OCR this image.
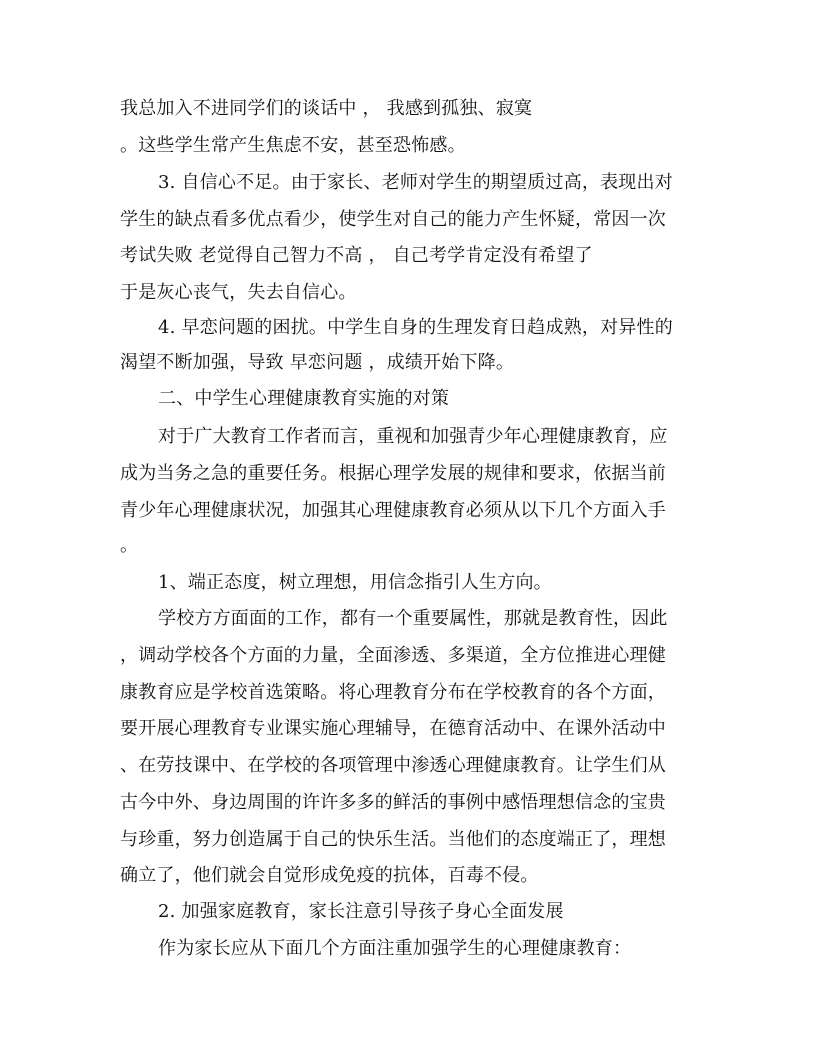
我总加入不进同学们的谈话中 ， 我感到孤独、寂寞
。这些学生常产生焦虑不安，甚至恐怖感。
3. 自信心不足。由于家长、老师对学生的期望质过高，表现出对
学生的缺点看多优点看少，使学生对自己的能力产生怀疑，常因一次
考试失败 老觉得自己智力不高 ， 自己考学肯定没有希望了
于是灰心丧气，失去自信心。
4. 早恋问题的困扰。中学生自身的生理发育日趋成熟，对异性的
渴望不断加强，导致 早恋问题 ，成绩开始下降。
二、中学生心理健康教育实施的对策
对于广大教育工作者而言，重视和加强青少年心理健康教育，应
成为当务之急的重要任务。根据心理学发展的规律和要求，依据当前
青少年心理健康状况，加强其心理健康教育必须从以下几个方面入手
。
1、端正态度，树立理想，用信念指引人生方向。
学校方方面面的工作，都有一个重要属性，那就是教育性，因此
，调动学校各个方面的力量，全面渗透、多渠道，全方位推进心理健
康教育应是学校首选策略。将心理教育分布在学校教育的各个方面，
要开展心理教育专业课实施心理辅导，在德育活动中、在课外活动中
、在劳技课中、在学校的各项管理中渗透心理健康教育。让学生们从
古今中外、身边周围的许许多多的鲜活的事例中感悟理想信念的宝贵
与珍重，努力创造属于自己的快乐生活。当他们的态度端正了，理想
确立了，他们就会自觉形成免疫的抗体，百毒不侵。
2. 加强家庭教育，家长注意引导孩子身心全面发展
作为家长应从下面几个方面注重加强学生的心理健康教育：
